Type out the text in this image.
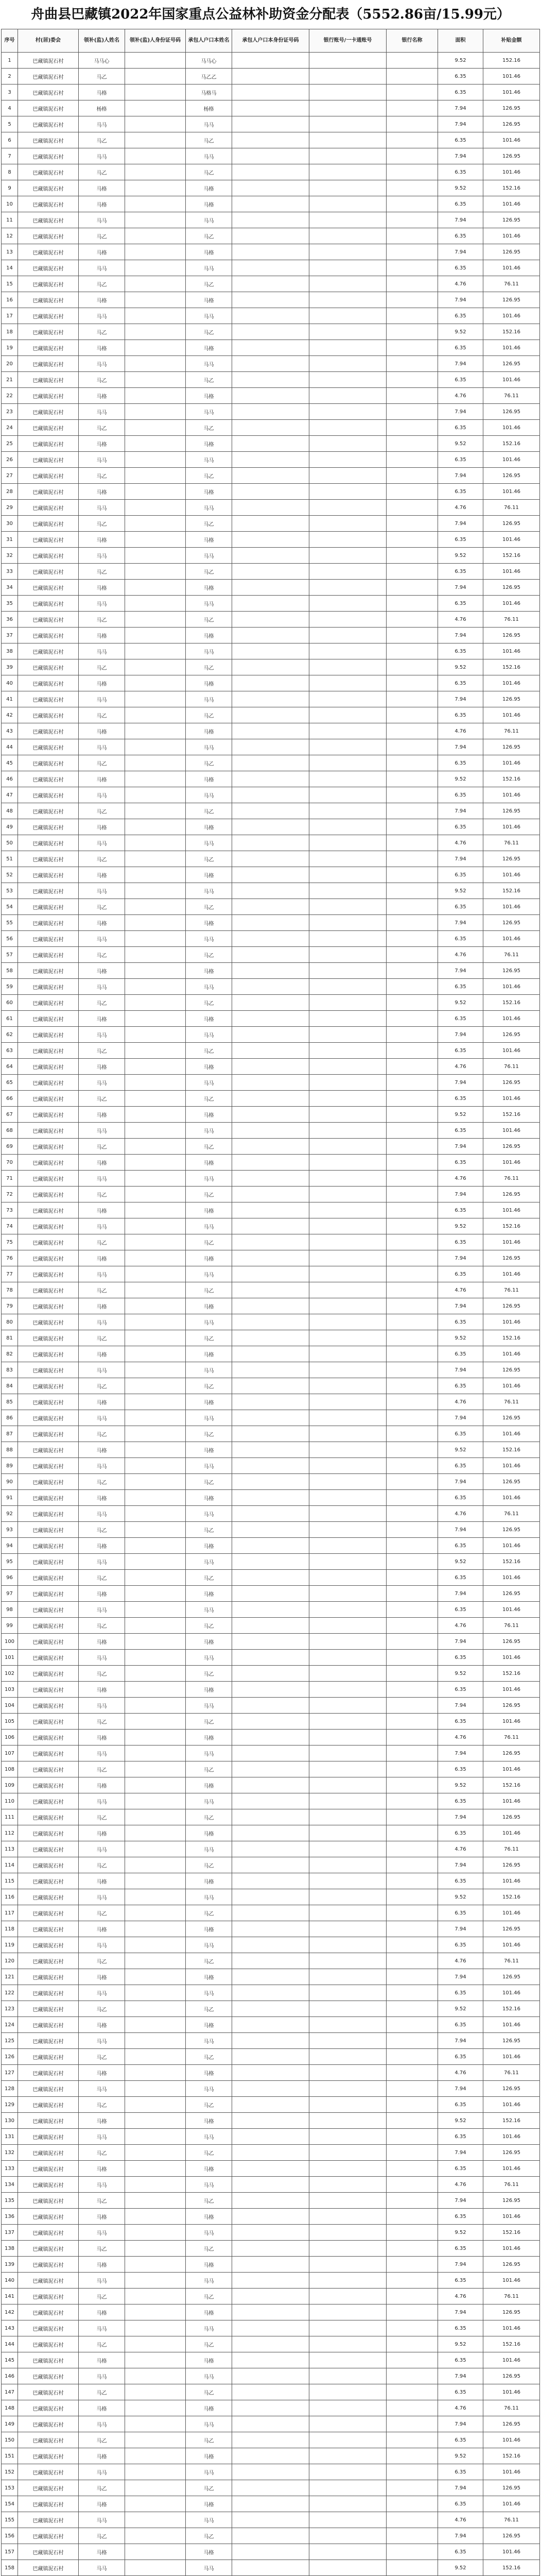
舟曲县巴藏镇2022年国家重点公益林补助资金分配表（5552.86亩/15.99元）
序号	村(居)委会	领补(监)人姓名	领补(监)人身份证号码	承包人户口本姓名	承包人户口本身份证号码	银行账号/一卡通账号	银行名称	面积	补贴金额
1	巴藏镇泥石村	马马心		马马心				9.52	152.16
2	巴藏镇泥石村	马乙		马乙乙				6.35	101.46
3	巴藏镇泥石村	马格		马格马				6.35	101.46
4	巴藏镇泥石村	杨格		杨格				7.94	126.95
5	巴藏镇泥石村	马马		马马				7.94	126.95
6	巴藏镇泥石村	马乙		马乙				6.35	101.46
7	巴藏镇泥石村	马马		马马				7.94	126.95
8	巴藏镇泥石村	马乙		马乙				6.35	101.46
9	巴藏镇泥石村	马格		马格				9.52	152.16
10	巴藏镇泥石村	马格		马格				6.35	101.46
11	巴藏镇泥石村	马马		马马				7.94	126.95
12	巴藏镇泥石村	马乙		马乙				6.35	101.46
13	巴藏镇泥石村	马格		马格				7.94	126.95
14	巴藏镇泥石村	马马		马马				6.35	101.46
15	巴藏镇泥石村	马乙		马乙				4.76	76.11
16	巴藏镇泥石村	马格		马格				7.94	126.95
17	巴藏镇泥石村	马马		马马				6.35	101.46
18	巴藏镇泥石村	马乙		马乙				9.52	152.16
19	巴藏镇泥石村	马格		马格				6.35	101.46
20	巴藏镇泥石村	马马		马马				7.94	126.95
21	巴藏镇泥石村	马乙		马乙				6.35	101.46
22	巴藏镇泥石村	马格		马格				4.76	76.11
23	巴藏镇泥石村	马马		马马				7.94	126.95
24	巴藏镇泥石村	马乙		马乙				6.35	101.46
25	巴藏镇泥石村	马格		马格				9.52	152.16
26	巴藏镇泥石村	马马		马马				6.35	101.46
27	巴藏镇泥石村	马乙		马乙				7.94	126.95
28	巴藏镇泥石村	马格		马格				6.35	101.46
29	巴藏镇泥石村	马马		马马				4.76	76.11
30	巴藏镇泥石村	马乙		马乙				7.94	126.95
31	巴藏镇泥石村	马格		马格				6.35	101.46
32	巴藏镇泥石村	马马		马马				9.52	152.16
33	巴藏镇泥石村	马乙		马乙				6.35	101.46
34	巴藏镇泥石村	马格		马格				7.94	126.95
35	巴藏镇泥石村	马马		马马				6.35	101.46
36	巴藏镇泥石村	马乙		马乙				4.76	76.11
37	巴藏镇泥石村	马格		马格				7.94	126.95
38	巴藏镇泥石村	马马		马马				6.35	101.46
39	巴藏镇泥石村	马乙		马乙				9.52	152.16
40	巴藏镇泥石村	马格		马格				6.35	101.46
41	巴藏镇泥石村	马马		马马				7.94	126.95
42	巴藏镇泥石村	马乙		马乙				6.35	101.46
43	巴藏镇泥石村	马格		马格				4.76	76.11
44	巴藏镇泥石村	马马		马马				7.94	126.95
45	巴藏镇泥石村	马乙		马乙				6.35	101.46
46	巴藏镇泥石村	马格		马格				9.52	152.16
47	巴藏镇泥石村	马马		马马				6.35	101.46
48	巴藏镇泥石村	马乙		马乙				7.94	126.95
49	巴藏镇泥石村	马格		马格				6.35	101.46
50	巴藏镇泥石村	马马		马马				4.76	76.11
51	巴藏镇泥石村	马乙		马乙				7.94	126.95
52	巴藏镇泥石村	马格		马格				6.35	101.46
53	巴藏镇泥石村	马马		马马				9.52	152.16
54	巴藏镇泥石村	马乙		马乙				6.35	101.46
55	巴藏镇泥石村	马格		马格				7.94	126.95
56	巴藏镇泥石村	马马		马马				6.35	101.46
57	巴藏镇泥石村	马乙		马乙				4.76	76.11
58	巴藏镇泥石村	马格		马格				7.94	126.95
59	巴藏镇泥石村	马马		马马				6.35	101.46
60	巴藏镇泥石村	马乙		马乙				9.52	152.16
61	巴藏镇泥石村	马格		马格				6.35	101.46
62	巴藏镇泥石村	马马		马马				7.94	126.95
63	巴藏镇泥石村	马乙		马乙				6.35	101.46
64	巴藏镇泥石村	马格		马格				4.76	76.11
65	巴藏镇泥石村	马马		马马				7.94	126.95
66	巴藏镇泥石村	马乙		马乙				6.35	101.46
67	巴藏镇泥石村	马格		马格				9.52	152.16
68	巴藏镇泥石村	马马		马马				6.35	101.46
69	巴藏镇泥石村	马乙		马乙				7.94	126.95
70	巴藏镇泥石村	马格		马格				6.35	101.46
71	巴藏镇泥石村	马马		马马				4.76	76.11
72	巴藏镇泥石村	马乙		马乙				7.94	126.95
73	巴藏镇泥石村	马格		马格				6.35	101.46
74	巴藏镇泥石村	马马		马马				9.52	152.16
75	巴藏镇泥石村	马乙		马乙				6.35	101.46
76	巴藏镇泥石村	马格		马格				7.94	126.95
77	巴藏镇泥石村	马马		马马				6.35	101.46
78	巴藏镇泥石村	马乙		马乙				4.76	76.11
79	巴藏镇泥石村	马格		马格				7.94	126.95
80	巴藏镇泥石村	马马		马马				6.35	101.46
81	巴藏镇泥石村	马乙		马乙				9.52	152.16
82	巴藏镇泥石村	马格		马格				6.35	101.46
83	巴藏镇泥石村	马马		马马				7.94	126.95
84	巴藏镇泥石村	马乙		马乙				6.35	101.46
85	巴藏镇泥石村	马格		马格				4.76	76.11
86	巴藏镇泥石村	马马		马马				7.94	126.95
87	巴藏镇泥石村	马乙		马乙				6.35	101.46
88	巴藏镇泥石村	马格		马格				9.52	152.16
89	巴藏镇泥石村	马马		马马				6.35	101.46
90	巴藏镇泥石村	马乙		马乙				7.94	126.95
91	巴藏镇泥石村	马格		马格				6.35	101.46
92	巴藏镇泥石村	马马		马马				4.76	76.11
93	巴藏镇泥石村	马乙		马乙				7.94	126.95
94	巴藏镇泥石村	马格		马格				6.35	101.46
95	巴藏镇泥石村	马马		马马				9.52	152.16
96	巴藏镇泥石村	马乙		马乙				6.35	101.46
97	巴藏镇泥石村	马格		马格				7.94	126.95
98	巴藏镇泥石村	马马		马马				6.35	101.46
99	巴藏镇泥石村	马乙		马乙				4.76	76.11
100	巴藏镇泥石村	马格		马格				7.94	126.95
101	巴藏镇泥石村	马马		马马				6.35	101.46
102	巴藏镇泥石村	马乙		马乙				9.52	152.16
103	巴藏镇泥石村	马格		马格				6.35	101.46
104	巴藏镇泥石村	马马		马马				7.94	126.95
105	巴藏镇泥石村	马乙		马乙				6.35	101.46
106	巴藏镇泥石村	马格		马格				4.76	76.11
107	巴藏镇泥石村	马马		马马				7.94	126.95
108	巴藏镇泥石村	马乙		马乙				6.35	101.46
109	巴藏镇泥石村	马格		马格				9.52	152.16
110	巴藏镇泥石村	马马		马马				6.35	101.46
111	巴藏镇泥石村	马乙		马乙				7.94	126.95
112	巴藏镇泥石村	马格		马格				6.35	101.46
113	巴藏镇泥石村	马马		马马				4.76	76.11
114	巴藏镇泥石村	马乙		马乙				7.94	126.95
115	巴藏镇泥石村	马格		马格				6.35	101.46
116	巴藏镇泥石村	马马		马马				9.52	152.16
117	巴藏镇泥石村	马乙		马乙				6.35	101.46
118	巴藏镇泥石村	马格		马格				7.94	126.95
119	巴藏镇泥石村	马马		马马				6.35	101.46
120	巴藏镇泥石村	马乙		马乙				4.76	76.11
121	巴藏镇泥石村	马格		马格				7.94	126.95
122	巴藏镇泥石村	马马		马马				6.35	101.46
123	巴藏镇泥石村	马乙		马乙				9.52	152.16
124	巴藏镇泥石村	马格		马格				6.35	101.46
125	巴藏镇泥石村	马马		马马				7.94	126.95
126	巴藏镇泥石村	马乙		马乙				6.35	101.46
127	巴藏镇泥石村	马格		马格				4.76	76.11
128	巴藏镇泥石村	马马		马马				7.94	126.95
129	巴藏镇泥石村	马乙		马乙				6.35	101.46
130	巴藏镇泥石村	马格		马格				9.52	152.16
131	巴藏镇泥石村	马马		马马				6.35	101.46
132	巴藏镇泥石村	马乙		马乙				7.94	126.95
133	巴藏镇泥石村	马格		马格				6.35	101.46
134	巴藏镇泥石村	马马		马马				4.76	76.11
135	巴藏镇泥石村	马乙		马乙				7.94	126.95
136	巴藏镇泥石村	马格		马格				6.35	101.46
137	巴藏镇泥石村	马马		马马				9.52	152.16
138	巴藏镇泥石村	马乙		马乙				6.35	101.46
139	巴藏镇泥石村	马格		马格				7.94	126.95
140	巴藏镇泥石村	马马		马马				6.35	101.46
141	巴藏镇泥石村	马乙		马乙				4.76	76.11
142	巴藏镇泥石村	马格		马格				7.94	126.95
143	巴藏镇泥石村	马马		马马				6.35	101.46
144	巴藏镇泥石村	马乙		马乙				9.52	152.16
145	巴藏镇泥石村	马格		马格				6.35	101.46
146	巴藏镇泥石村	马马		马马				7.94	126.95
147	巴藏镇泥石村	马乙		马乙				6.35	101.46
148	巴藏镇泥石村	马格		马格				4.76	76.11
149	巴藏镇泥石村	马马		马马				7.94	126.95
150	巴藏镇泥石村	马乙		马乙				6.35	101.46
151	巴藏镇泥石村	马格		马格				9.52	152.16
152	巴藏镇泥石村	马马		马马				6.35	101.46
153	巴藏镇泥石村	马乙		马乙				7.94	126.95
154	巴藏镇泥石村	马格		马格				6.35	101.46
155	巴藏镇泥石村	马马		马马				4.76	76.11
156	巴藏镇泥石村	马乙		马乙				7.94	126.95
157	巴藏镇泥石村	马格		马格				6.35	101.46
158	巴藏镇泥石村	马马		马马				9.52	152.16
